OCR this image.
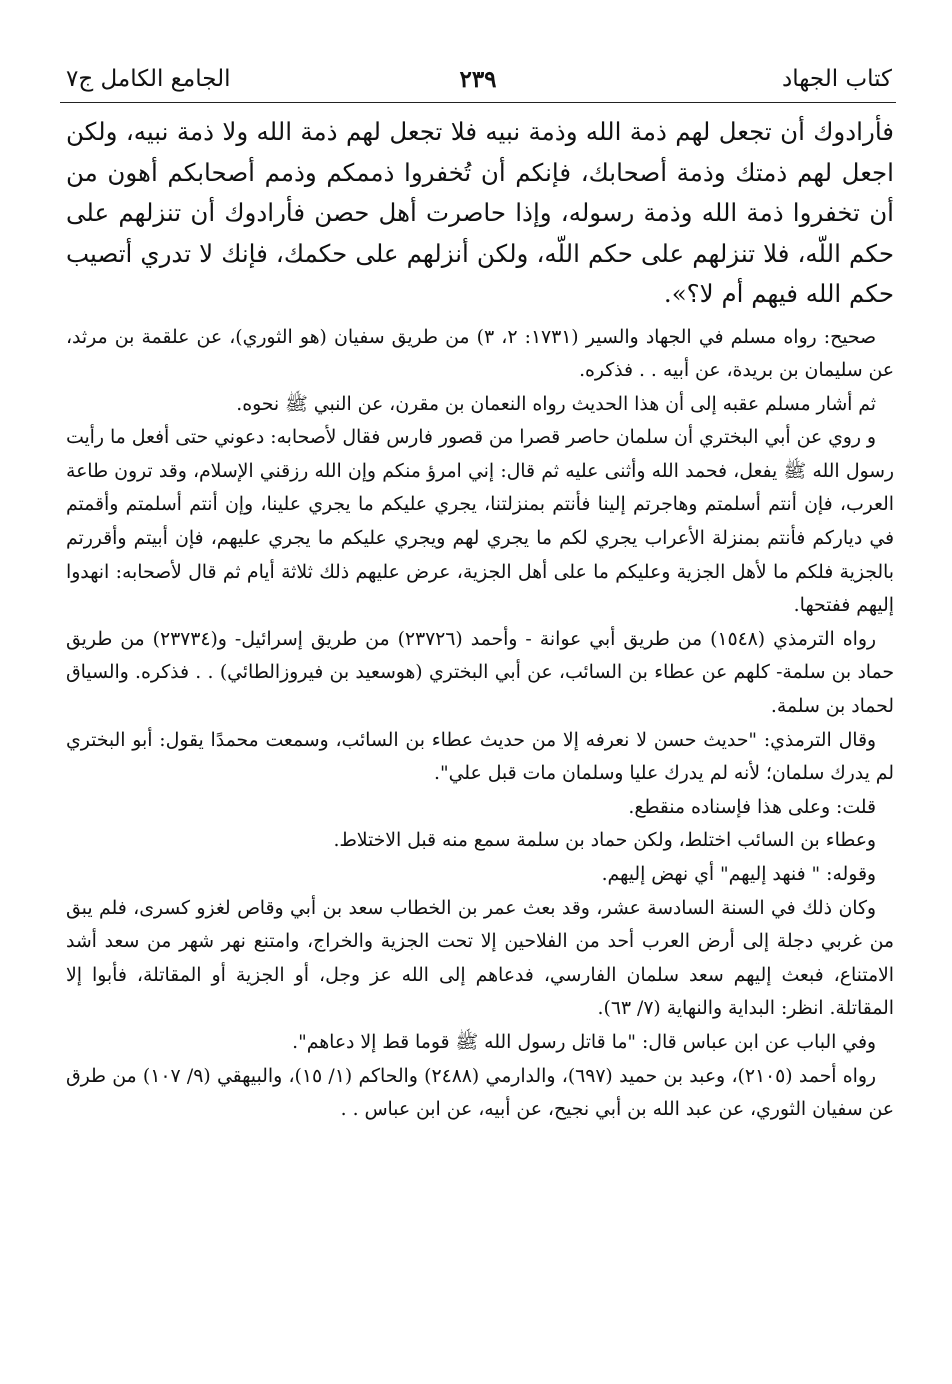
كتاب الجهاد
٢٣٩
الجامع الكامل ج٧

فأرادوك أن تجعل لهم ذمة الله وذمة نبيه فلا تجعل لهم ذمة الله ولا ذمة نبيه، ولكن اجعل لهم ذمتك وذمة أصحابك، فإنكم أن تُخفروا ذممكم وذمم أصحابكم أهون من أن تخفروا ذمة الله وذمة رسوله، وإذا حاصرت أهل حصن فأرادوك أن تنزلهم على حكم اللّه، فلا تنزلهم على حكم اللّه، ولكن أنزلهم على حكمك، فإنك لا تدري أتصيب حكم الله فيهم أم لا؟».

صحيح: رواه مسلم في الجهاد والسير (١٧٣١: ٢، ٣) من طريق سفيان (هو الثوري)، عن علقمة بن مرثد، عن سليمان بن بريدة، عن أبيه . . فذكره.

ثم أشار مسلم عقبه إلى أن هذا الحديث رواه النعمان بن مقرن، عن النبي ﷺ نحوه.

و روي عن أبي البختري أن سلمان حاصر قصرا من قصور فارس فقال لأصحابه: دعوني حتى أفعل ما رأيت رسول الله ﷺ يفعل، فحمد الله وأثنى عليه ثم قال: إني امرؤ منكم وإن الله رزقني الإسلام، وقد ترون طاعة العرب، فإن أنتم أسلمتم وهاجرتم إلينا فأنتم بمنزلتنا، يجري عليكم ما يجري علينا، وإن أنتم أسلمتم وأقمتم في دياركم فأنتم بمنزلة الأعراب يجري لكم ما يجري لهم ويجري عليكم ما يجري عليهم، فإن أبيتم وأقررتم بالجزية فلكم ما لأهل الجزية وعليكم ما على أهل الجزية، عرض عليهم ذلك ثلاثة أيام ثم قال لأصحابه: انهدوا إليهم ففتحها.

رواه الترمذي (١٥٤٨) من طريق أبي عوانة - وأحمد (٢٣٧٢٦) من طريق إسرائيل- و(٢٣٧٣٤) من طريق حماد بن سلمة- كلهم عن عطاء بن السائب، عن أبي البختري (هوسعيد بن فيروزالطائي) . . فذكره. والسياق لحماد بن سلمة.

وقال الترمذي: "حديث حسن لا نعرفه إلا من حديث عطاء بن السائب، وسمعت محمدًا يقول: أبو البختري لم يدرك سلمان؛ لأنه لم يدرك عليا وسلمان مات قبل علي".

قلت: وعلى هذا فإسناده منقطع.

وعطاء بن السائب اختلط، ولكن حماد بن سلمة سمع منه قبل الاختلاط.

وقوله: " فنهد إليهم" أي نهض إليهم.

وكان ذلك في السنة السادسة عشر، وقد بعث عمر بن الخطاب سعد بن أبي وقاص لغزو كسرى، فلم يبق من غربي دجلة إلى أرض العرب أحد من الفلاحين إلا تحت الجزية والخراج، وامتنع نهر شهر من سعد أشد الامتناع، فبعث إليهم سعد سلمان الفارسي، فدعاهم إلى الله عز وجل، أو الجزية أو المقاتلة، فأبوا إلا المقاتلة. انظر: البداية والنهاية (٧/ ٦٣).

وفي الباب عن ابن عباس قال: "ما قاتل رسول الله ﷺ قوما قط إلا دعاهم".

رواه أحمد (٢١٠٥)، وعبد بن حميد (٦٩٧)، والدارمي (٢٤٨٨) والحاكم (١/ ١٥)، والبيهقي (٩/ ١٠٧) من طرق عن سفيان الثوري، عن عبد الله بن أبي نجيح، عن أبيه، عن ابن عباس . .
